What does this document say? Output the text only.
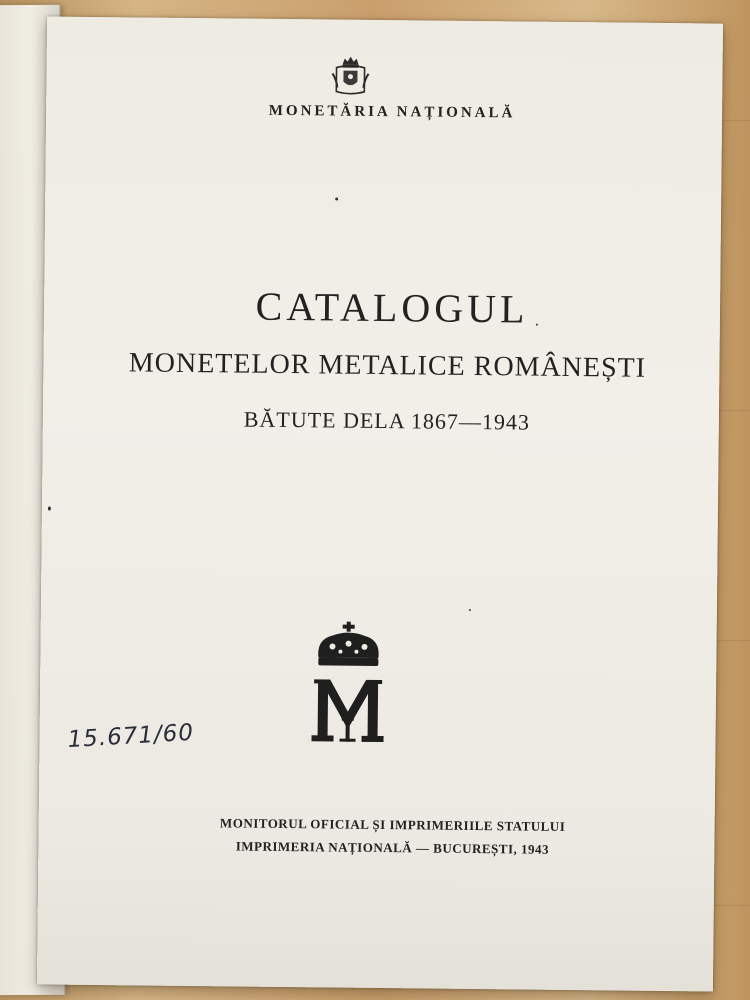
MONETĂRIA NAȚIONALĂ
CATALOGUL
MONETELOR METALICE ROMÂNEȘTI
BĂTUTE DELA 1867—1943
15.671/60
MONITORUL OFICIAL ȘI IMPRIMERIILE STATULUI
IMPRIMERIA NAȚIONALĂ — BUCUREȘTI, 1943
